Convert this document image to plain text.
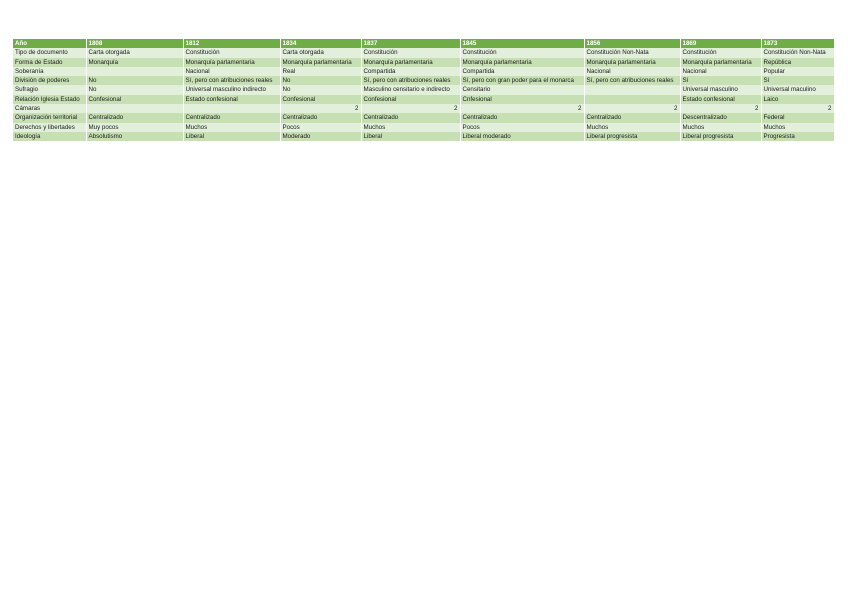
Año	1808	1812	1834	1837	1845	1856	1869	1873
Tipo de documento	Carta otorgada	Constitución	Carta otorgada	Constitución	Constitución	Constitución Non-Nata	Constitución	Constitución Non-Nata
Forma de Estado	Monarquía	Monarquía parlamentaria	Monarquía parlamentaria	Monarquía parlamentaria	Monarquía parlamentaria	Monarquía parlamentaria	Monarquía parlamentaria	República
Soberanía		Nacional	Real	Compartida	Compartida	Nacional	Nacional	Popular
División de poderes	No	Sí, pero con atribuciones reales	No	Sí, pero con atribuciones reales	Sí, pero con gran poder para el monarca	Sí, pero con atribuciones reales	Sí	Sí
Sufragio	No	Universal masculino indirecto	No	Masculino censitario e indirecto	Censitario		Universal masculino	Universal maculino
Relación Iglesia Estado	Confesional	Estado confesional	Confesional	Confesional	Cnfesional		Estado confesional	Laico
Cámaras			2	2	2	2	2	2
Organización territorial	Centralizado	Centralizado	Centralizado	Centralizado	Centralizado	Centralizado	Descentralizado	Federal
Derechos y libertades	Muy pocos	Muchos	Pocos	Muchos	Pocos	Muchos	Muchos	Muchos
Ideología	Absolutismo	Liberal	Moderado	Liberal	Liberal moderado	Liberal progresista	Liberal progresista	Progresista
